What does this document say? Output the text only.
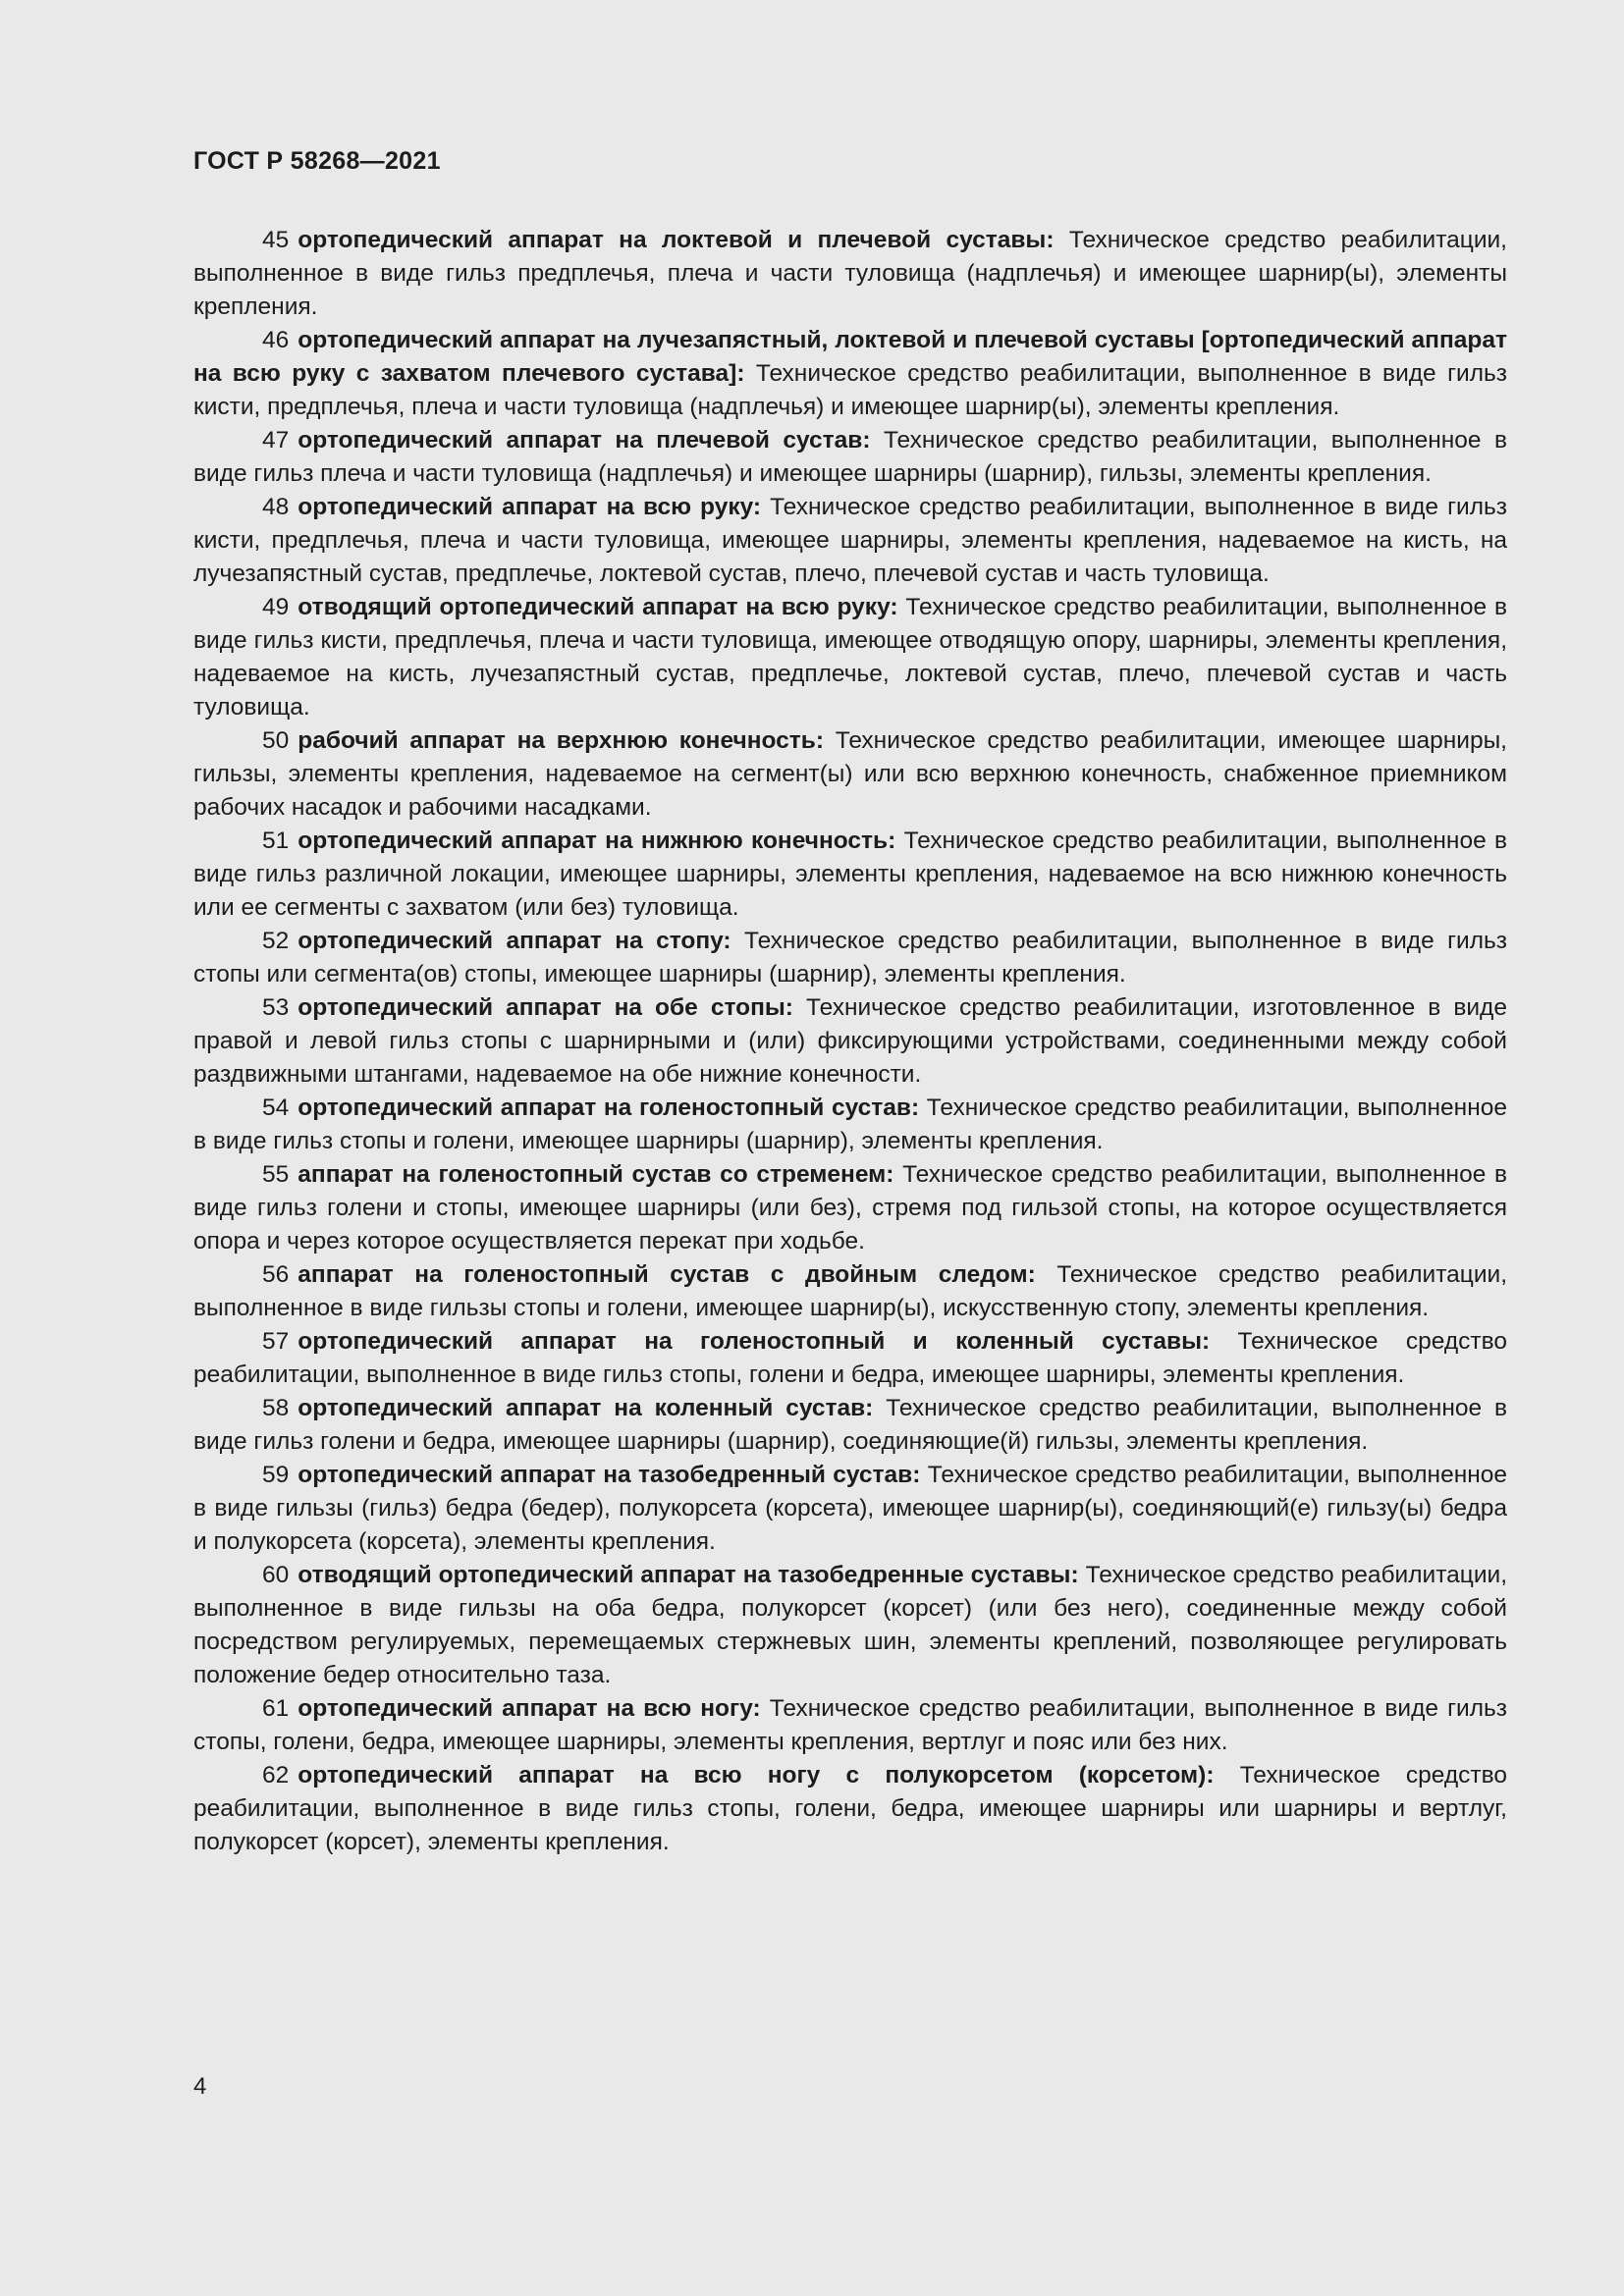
ГОСТ Р 58268—2021

45 ортопедический аппарат на локтевой и плечевой суставы: Техническое средство реабилитации, выполненное в виде гильз предплечья, плеча и части туловища (надплечья) и имеющее шарнир(ы), элементы крепления.

46 ортопедический аппарат на лучезапястный, локтевой и плечевой суставы [ортопедический аппарат на всю руку с захватом плечевого сустава]: Техническое средство реабилитации, выполненное в виде гильз кисти, предплечья, плеча и части туловища (надплечья) и имеющее шарнир(ы), элементы крепления.

47 ортопедический аппарат на плечевой сустав: Техническое средство реабилитации, выполненное в виде гильз плеча и части туловища (надплечья) и имеющее шарниры (шарнир), гильзы, элементы крепления.

48 ортопедический аппарат на всю руку: Техническое средство реабилитации, выполненное в виде гильз кисти, предплечья, плеча и части туловища, имеющее шарниры, элементы крепления, надеваемое на кисть, на лучезапястный сустав, предплечье, локтевой сустав, плечо, плечевой сустав и часть туловища.

49 отводящий ортопедический аппарат на всю руку: Техническое средство реабилитации, выполненное в виде гильз кисти, предплечья, плеча и части туловища, имеющее отводящую опору, шарниры, элементы крепления, надеваемое на кисть, лучезапястный сустав, предплечье, локтевой сустав, плечо, плечевой сустав и часть туловища.

50 рабочий аппарат на верхнюю конечность: Техническое средство реабилитации, имеющее шарниры, гильзы, элементы крепления, надеваемое на сегмент(ы) или всю верхнюю конечность, снабженное приемником рабочих насадок и рабочими насадками.

51 ортопедический аппарат на нижнюю конечность: Техническое средство реабилитации, выполненное в виде гильз различной локации, имеющее шарниры, элементы крепления, надеваемое на всю нижнюю конечность или ее сегменты с захватом (или без) туловища.

52 ортопедический аппарат на стопу: Техническое средство реабилитации, выполненное в виде гильз стопы или сегмента(ов) стопы, имеющее шарниры (шарнир), элементы крепления.

53 ортопедический аппарат на обе стопы: Техническое средство реабилитации, изготовленное в виде правой и левой гильз стопы с шарнирными и (или) фиксирующими устройствами, соединенными между собой раздвижными штангами, надеваемое на обе нижние конечности.

54 ортопедический аппарат на голеностопный сустав: Техническое средство реабилитации, выполненное в виде гильз стопы и голени, имеющее шарниры (шарнир), элементы крепления.

55 аппарат на голеностопный сустав со стременем: Техническое средство реабилитации, выполненное в виде гильз голени и стопы, имеющее шарниры (или без), стремя под гильзой стопы, на которое осуществляется опора и через которое осуществляется перекат при ходьбе.

56 аппарат на голеностопный сустав с двойным следом: Техническое средство реабилитации, выполненное в виде гильзы стопы и голени, имеющее шарнир(ы), искусственную стопу, элементы крепления.

57 ортопедический аппарат на голеностопный и коленный суставы: Техническое средство реабилитации, выполненное в виде гильз стопы, голени и бедра, имеющее шарниры, элементы крепления.

58 ортопедический аппарат на коленный сустав: Техническое средство реабилитации, выполненное в виде гильз голени и бедра, имеющее шарниры (шарнир), соединяющие(й) гильзы, элементы крепления.

59 ортопедический аппарат на тазобедренный сустав: Техническое средство реабилитации, выполненное в виде гильзы (гильз) бедра (бедер), полукорсета (корсета), имеющее шарнир(ы), соединяющий(е) гильзу(ы) бедра и полукорсета (корсета), элементы крепления.

60 отводящий ортопедический аппарат на тазобедренные суставы: Техническое средство реабилитации, выполненное в виде гильзы на оба бедра, полукорсет (корсет) (или без него), соединенные между собой посредством регулируемых, перемещаемых стержневых шин, элементы креплений, позволяющее регулировать положение бедер относительно таза.

61 ортопедический аппарат на всю ногу: Техническое средство реабилитации, выполненное в виде гильз стопы, голени, бедра, имеющее шарниры, элементы крепления, вертлуг и пояс или без них.

62 ортопедический аппарат на всю ногу с полукорсетом (корсетом): Техническое средство реабилитации, выполненное в виде гильз стопы, голени, бедра, имеющее шарниры или шарниры и вертлуг, полукорсет (корсет), элементы крепления.

4
